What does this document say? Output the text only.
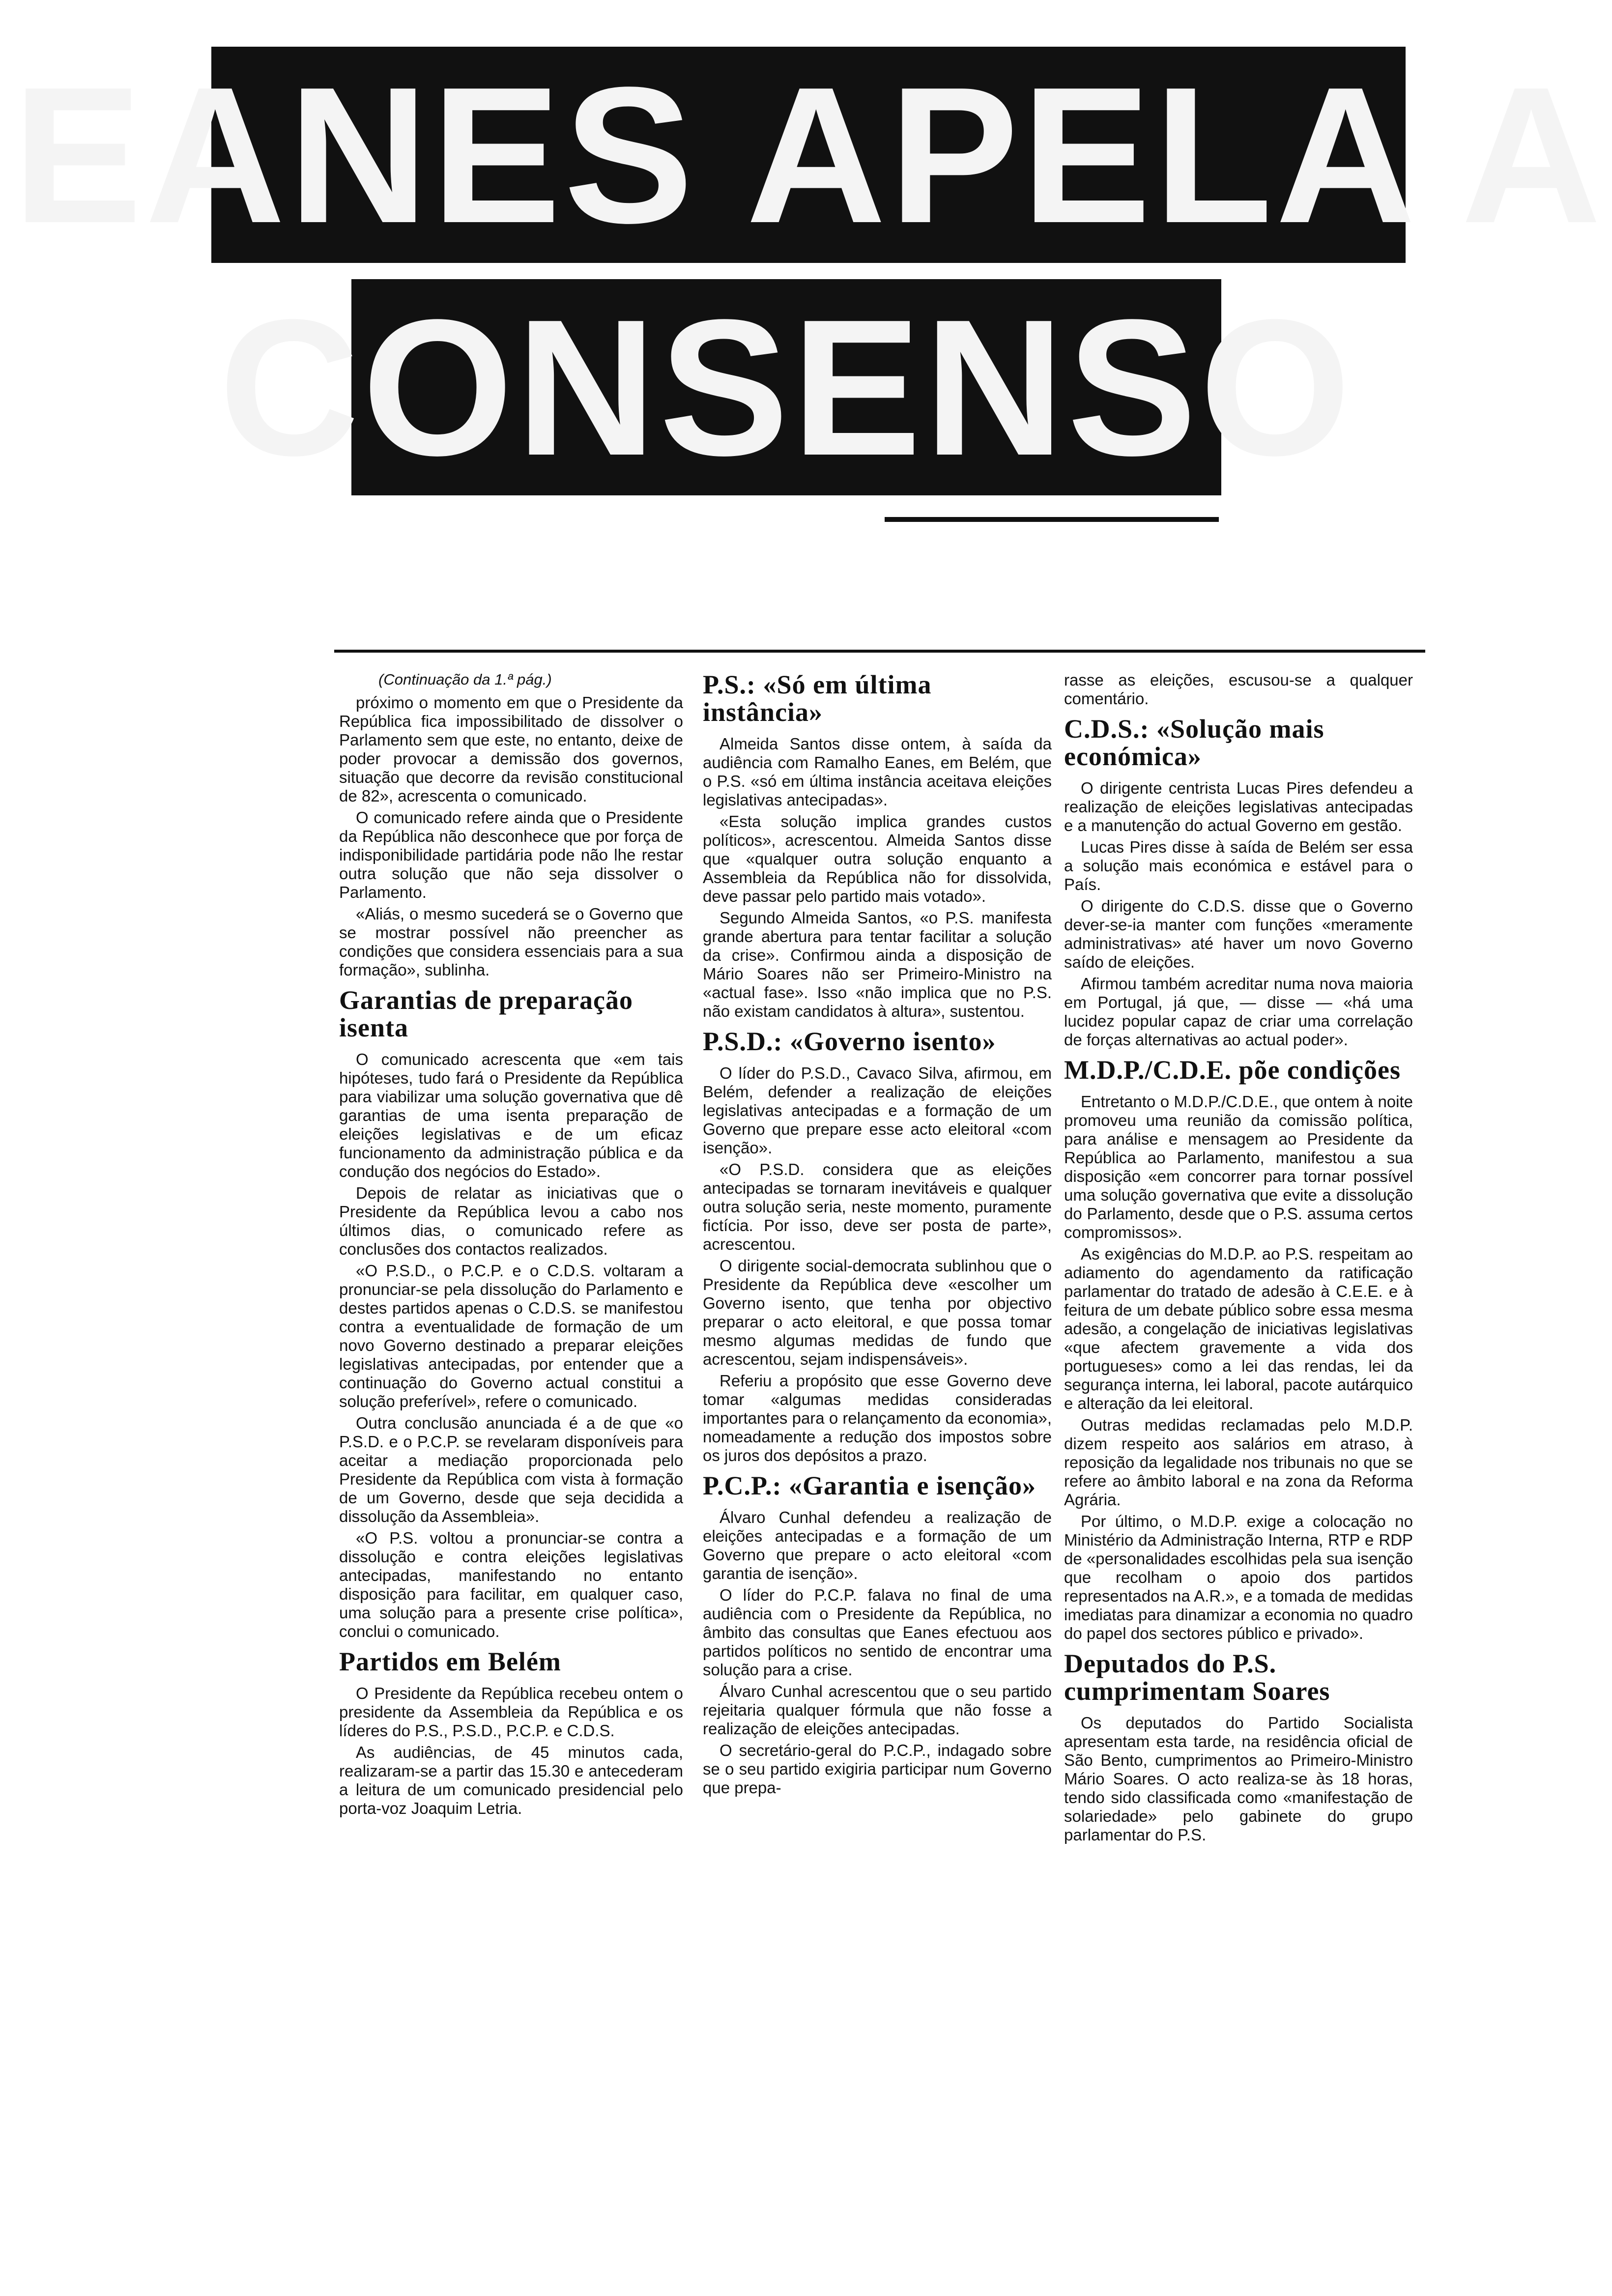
EANES APELA A
CONSENSO
(Continuação da 1.ª pág.)

próximo o momento em que o Presidente da República fica impossibilitado de dissolver o Parlamento sem que este, no entanto, deixe de poder provocar a demissão dos governos, situação que decorre da revisão constitucional de 82», acrescenta o comunicado.

O comunicado refere ainda que o Presidente da República não desconhece que por força de indisponibilidade partidária pode não lhe restar outra solução que não seja dissolver o Parlamento.

«Aliás, o mesmo sucederá se o Governo que se mostrar possível não preencher as condições que considera essenciais para a sua formação», sublinha.

Garantias de preparação isenta

O comunicado acrescenta que «em tais hipóteses, tudo fará o Presidente da República para viabilizar uma solução governativa que dê garantias de uma isenta preparação de eleições legislativas e de um eficaz funcionamento da administração pública e da condução dos negócios do Estado».

Depois de relatar as iniciativas que o Presidente da República levou a cabo nos últimos dias, o comunicado refere as conclusões dos contactos realizados.

«O P.S.D., o P.C.P. e o C.D.S. voltaram a pronunciar-se pela dissolução do Parlamento e destes partidos apenas o C.D.S. se manifestou contra a eventualidade de formação de um novo Governo destinado a preparar eleições legislativas antecipadas, por entender que a continuação do Governo actual constitui a solução preferível», refere o comunicado.

Outra conclusão anunciada é a de que «o P.S.D. e o P.C.P. se revelaram disponíveis para aceitar a mediação proporcionada pelo Presidente da República com vista à formação de um Governo, desde que seja decidida a dissolução da Assembleia».

«O P.S. voltou a pronunciar-se contra a dissolução e contra eleições legislativas antecipadas, manifestando no entanto disposição para facilitar, em qualquer caso, uma solução para a presente crise política», conclui o comunicado.

Partidos em Belém

O Presidente da República recebeu ontem o presidente da Assembleia da República e os líderes do P.S., P.S.D., P.C.P. e C.D.S.

As audiências, de 45 minutos cada, realizaram-se a partir das 15.30 e antecederam a leitura de um comunicado presidencial pelo porta-voz Joaquim Letria.

P.S.: «Só em última instância»

Almeida Santos disse ontem, à saída da audiência com Ramalho Eanes, em Belém, que o P.S. «só em última instância aceitava eleições legislativas antecipadas».

«Esta solução implica grandes custos políticos», acrescentou. Almeida Santos disse que «qualquer outra solução enquanto a Assembleia da República não for dissolvida, deve passar pelo partido mais votado».

Segundo Almeida Santos, «o P.S. manifesta grande abertura para tentar facilitar a solução da crise». Confirmou ainda a disposição de Mário Soares não ser Primeiro-Ministro na «actual fase». Isso «não implica que no P.S. não existam candidatos à altura», sustentou.

P.S.D.: «Governo isento»

O líder do P.S.D., Cavaco Silva, afirmou, em Belém, defender a realização de eleições legislativas antecipadas e a formação de um Governo que prepare esse acto eleitoral «com isenção».

«O P.S.D. considera que as eleições antecipadas se tornaram inevitáveis e qualquer outra solução seria, neste momento, puramente fictícia. Por isso, deve ser posta de parte», acrescentou.

O dirigente social-democrata sublinhou que o Presidente da República deve «escolher um Governo isento, que tenha por objectivo preparar o acto eleitoral, e que possa tomar mesmo algumas medidas de fundo que acrescentou, sejam indispensáveis».

Referiu a propósito que esse Governo deve tomar «algumas medidas consideradas importantes para o relançamento da economia», nomeadamente a redução dos impostos sobre os juros dos depósitos a prazo.

P.C.P.: «Garantia e isenção»

Álvaro Cunhal defendeu a realização de eleições antecipadas e a formação de um Governo que prepare o acto eleitoral «com garantia de isenção».

O líder do P.C.P. falava no final de uma audiência com o Presidente da República, no âmbito das consultas que Eanes efectuou aos partidos políticos no sentido de encontrar uma solução para a crise.

Álvaro Cunhal acrescentou que o seu partido rejeitaria qualquer fórmula que não fosse a realização de eleições antecipadas.

O secretário-geral do P.C.P., indagado sobre se o seu partido exigiria participar num Governo que prepa-

rasse as eleições, escusou-se a qualquer comentário.

C.D.S.: «Solução mais económica»

O dirigente centrista Lucas Pires defendeu a realização de eleições legislativas antecipadas e a manutenção do actual Governo em gestão.

Lucas Pires disse à saída de Belém ser essa a solução mais económica e estável para o País.

O dirigente do C.D.S. disse que o Governo dever-se-ia manter com funções «meramente administrativas» até haver um novo Governo saído de eleições.

Afirmou também acreditar numa nova maioria em Portugal, já que, — disse — «há uma lucidez popular capaz de criar uma correlação de forças alternativas ao actual poder».

M.D.P./C.D.E. põe condições

Entretanto o M.D.P./C.D.E., que ontem à noite promoveu uma reunião da comissão política, para análise e mensagem ao Presidente da República ao Parlamento, manifestou a sua disposição «em concorrer para tornar possível uma solução governativa que evite a dissolução do Parlamento, desde que o P.S. assuma certos compromissos».

As exigências do M.D.P. ao P.S. respeitam ao adiamento do agendamento da ratificação parlamentar do tratado de adesão à C.E.E. e à feitura de um debate público sobre essa mesma adesão, a congelação de iniciativas legislativas «que afectem gravemente a vida dos portugueses» como a lei das rendas, lei da segurança interna, lei laboral, pacote autárquico e alteração da lei eleitoral.

Outras medidas reclamadas pelo M.D.P. dizem respeito aos salários em atraso, à reposição da legalidade nos tribunais no que se refere ao âmbito laboral e na zona da Reforma Agrária.

Por último, o M.D.P. exige a colocação no Ministério da Administração Interna, RTP e RDP de «personalidades escolhidas pela sua isenção que recolham o apoio dos partidos representados na A.R.», e a tomada de medidas imediatas para dinamizar a economia no quadro do papel dos sectores público e privado».

Deputados do P.S. cumprimentam Soares

Os deputados do Partido Socialista apresentam esta tarde, na residência oficial de São Bento, cumprimentos ao Primeiro-Ministro Mário Soares. O acto realiza-se às 18 horas, tendo sido classificada como «manifestação de solariedade» pelo gabinete do grupo parlamentar do P.S.
